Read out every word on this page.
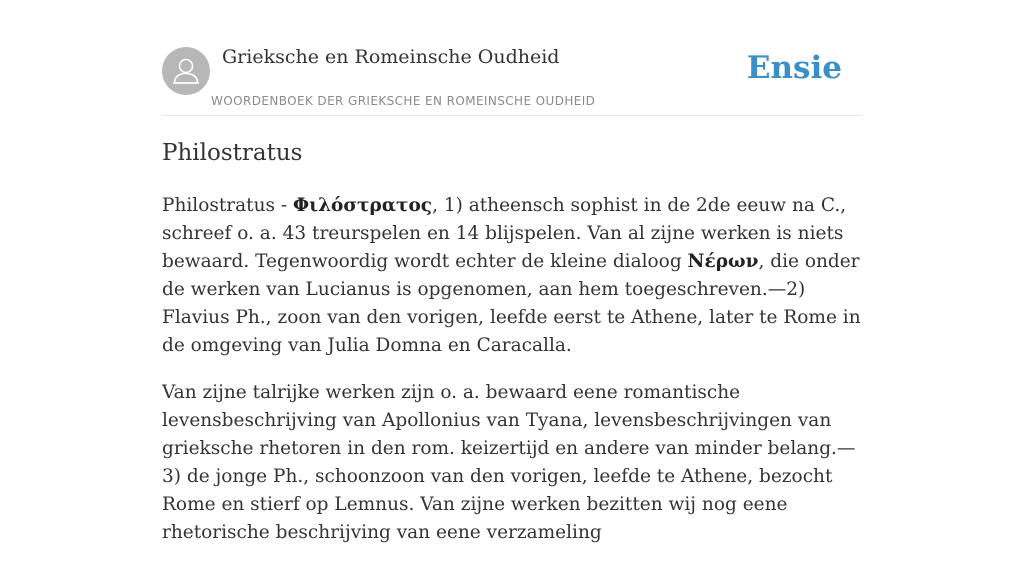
Grieksche en Romeinsche Oudheid
WOORDENBOEK DER GRIEKSCHE EN ROMEINSCHE OUDHEID
Ensie
Philostratus

Philostratus - Φιλόστρατος, 1) atheensch sophist in de 2de eeuw na C., schreef o. a. 43 treurspelen en 14 blijspelen. Van al zijne werken is niets bewaard. Tegenwoordig wordt echter de kleine dialoog Νέρων, die onder de werken van Lucianus is opgenomen, aan hem toegeschreven.—2) Flavius Ph., zoon van den vorigen, leefde eerst te Athene, later te Rome in de omgeving van Julia Domna en Caracalla.

Van zijne talrijke werken zijn o. a. bewaard eene romantische levensbeschrijving van Apollonius van Tyana, levensbeschrijvingen van grieksche rhetoren in den rom. keizertijd en andere van minder belang.—3) de jonge Ph., schoonzoon van den vorigen, leefde te Athene, bezocht Rome en stierf op Lemnus. Van zijne werken bezitten wij nog eene rhetorische beschrijving van eene verzameling
